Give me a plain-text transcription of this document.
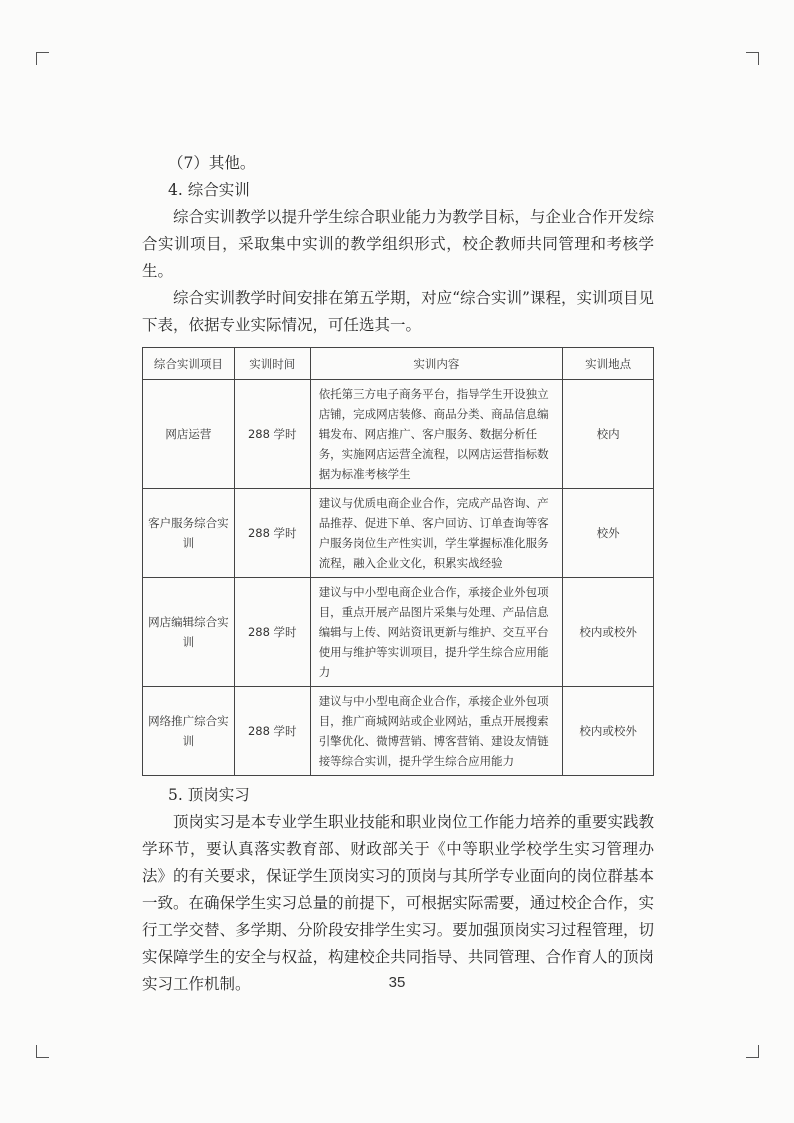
（7）其他。

4. 综合实训

综合实训教学以提升学生综合职业能力为教学目标，与企业合作开发综合实训项目，采取集中实训的教学组织形式，校企教师共同管理和考核学生。

综合实训教学时间安排在第五学期，对应“综合实训”课程，实训项目见下表，依据专业实际情况，可任选其一。

综合实训项目	实训时间	实训内容	实训地点
网店运营	288 学时	依托第三方电子商务平台，指导学生开设独立店铺，完成网店装修、商品分类、商品信息编辑发布、网店推广、客户服务、数据分析任务，实施网店运营全流程，以网店运营指标数据为标准考核学生	校内
客户服务综合实训	288 学时	建议与优质电商企业合作，完成产品咨询、产品推荐、促进下单、客户回访、订单查询等客户服务岗位生产性实训，学生掌握标准化服务流程，融入企业文化，积累实战经验	校外
网店编辑综合实训	288 学时	建议与中小型电商企业合作，承接企业外包项目，重点开展产品图片采集与处理、产品信息编辑与上传、网站资讯更新与维护、交互平台使用与维护等实训项目，提升学生综合应用能力	校内或校外
网络推广综合实训	288 学时	建议与中小型电商企业合作，承接企业外包项目，推广商城网站或企业网站，重点开展搜索引擎优化、微博营销、博客营销、建设友情链接等综合实训，提升学生综合应用能力	校内或校外

5. 顶岗实习

顶岗实习是本专业学生职业技能和职业岗位工作能力培养的重要实践教学环节，要认真落实教育部、财政部关于《中等职业学校学生实习管理办法》的有关要求，保证学生顶岗实习的顶岗与其所学专业面向的岗位群基本一致。在确保学生实习总量的前提下，可根据实际需要，通过校企合作，实行工学交替、多学期、分阶段安排学生实习。要加强顶岗实习过程管理，切实保障学生的安全与权益，构建校企共同指导、共同管理、合作育人的顶岗实习工作机制。	35
